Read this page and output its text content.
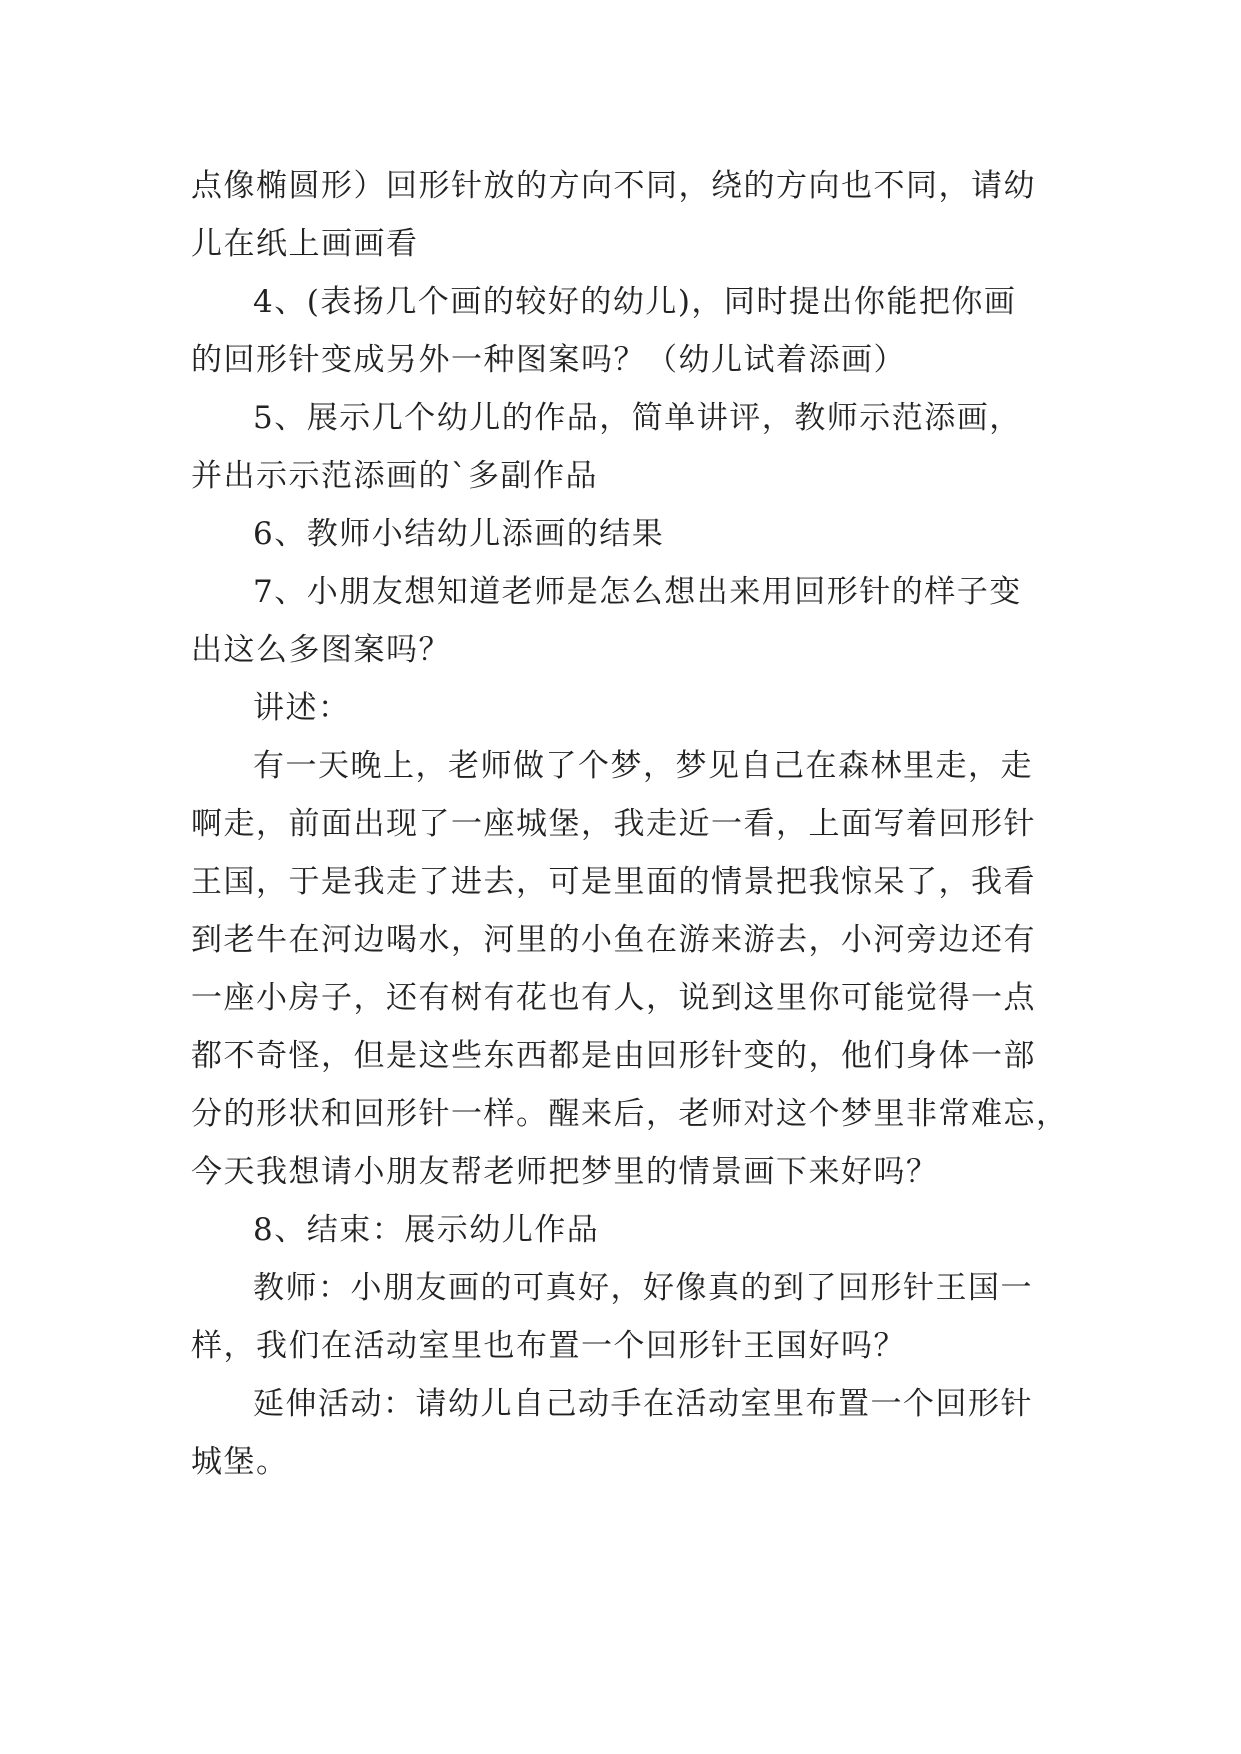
点像椭圆形）回形针放的方向不同，绕的方向也不同，请幼
儿在纸上画画看
4、(表扬几个画的较好的幼儿)，同时提出你能把你画
的回形针变成另外一种图案吗？（幼儿试着添画）
5、展示几个幼儿的作品，简单讲评，教师示范添画，
并出示示范添画的`多副作品
6、教师小结幼儿添画的结果
7、小朋友想知道老师是怎么想出来用回形针的样子变
出这么多图案吗？
讲述：
有一天晚上，老师做了个梦，梦见自己在森林里走，走
啊走，前面出现了一座城堡，我走近一看，上面写着回形针
王国，于是我走了进去，可是里面的情景把我惊呆了，我看
到老牛在河边喝水，河里的小鱼在游来游去，小河旁边还有
一座小房子，还有树有花也有人，说到这里你可能觉得一点
都不奇怪，但是这些东西都是由回形针变的，他们身体一部
分的形状和回形针一样。醒来后，老师对这个梦里非常难忘，
今天我想请小朋友帮老师把梦里的情景画下来好吗？
8、结束：展示幼儿作品
教师：小朋友画的可真好，好像真的到了回形针王国一
样，我们在活动室里也布置一个回形针王国好吗？
延伸活动：请幼儿自己动手在活动室里布置一个回形针
城堡。
